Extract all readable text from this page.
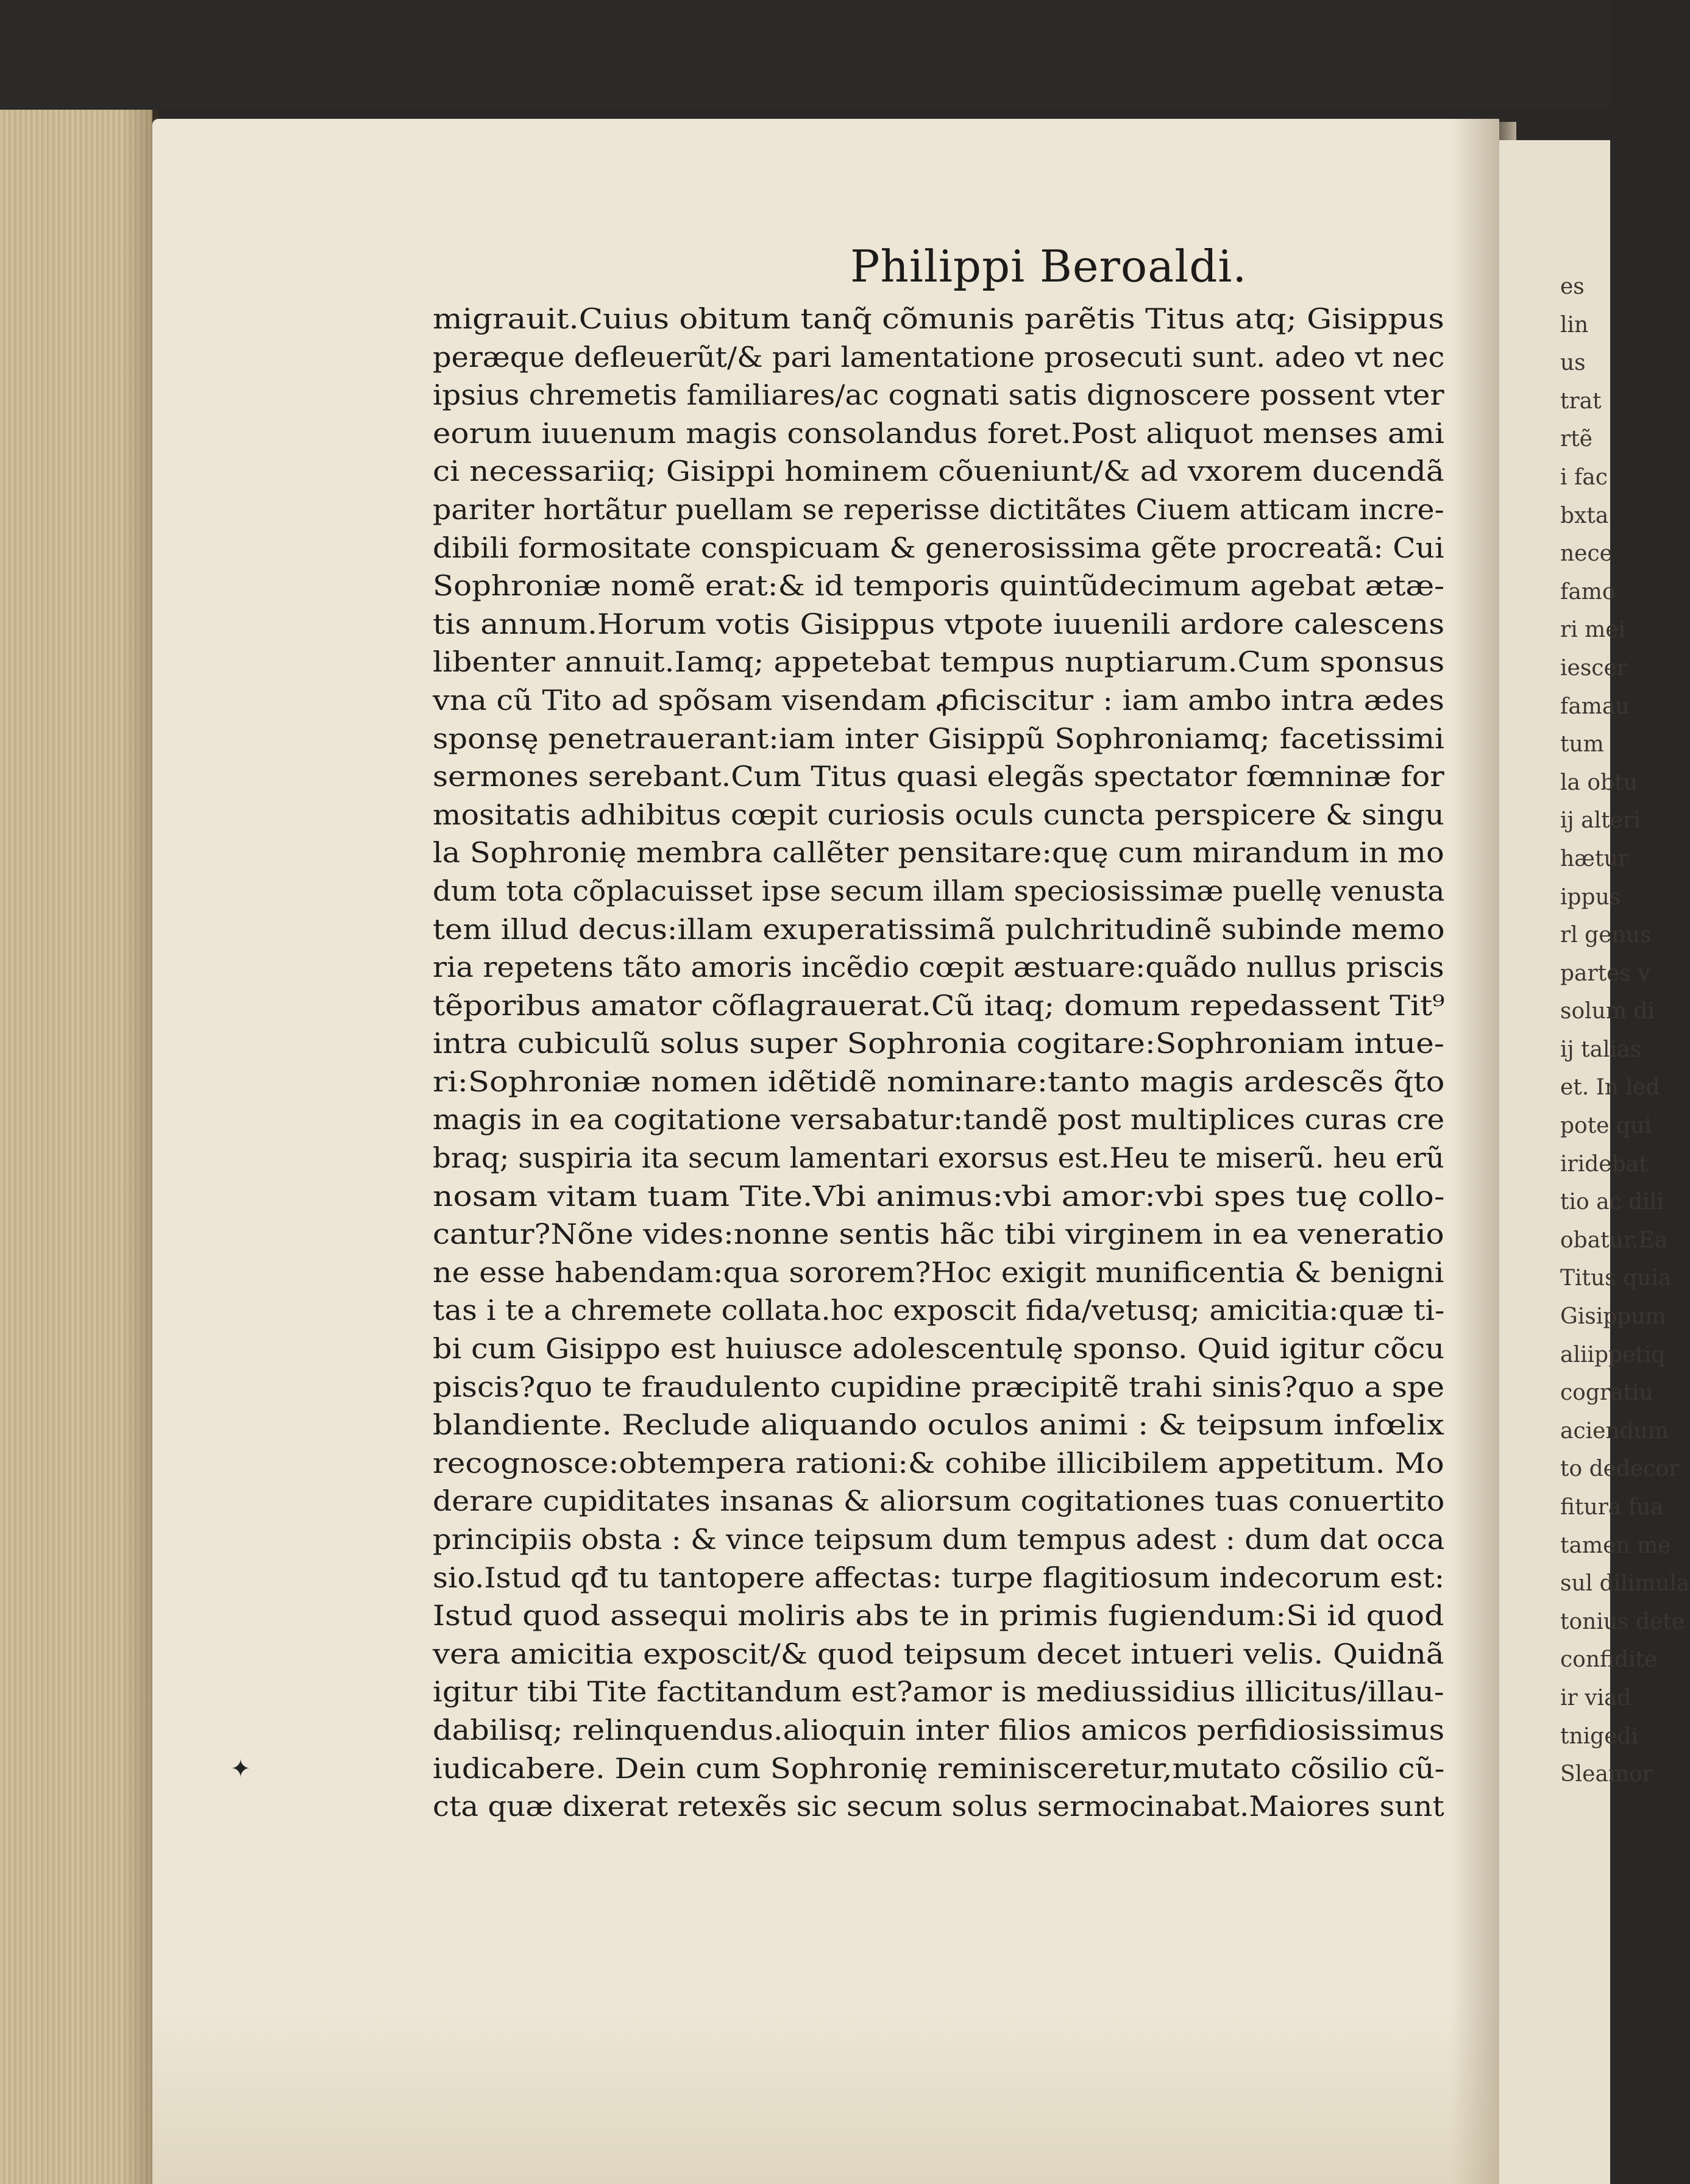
es
lin
us
trat
rtẽ
i fac
bxta
nece
famo
ri mei
iescer
famau
tum
la obtu
ij alteri
hætur
ippus
rl genus
partes v
solum di
ij talias
et. In led
pote qui
iridebat
tio ac dili
obatur.Ea
Titus quia
Gisippum
aliippetiq
cogratiu
aciendum
to dedecor
fitura fua
tamen me
sul dilimula
tonius dete
confidite
ir viad
tnigedi
Sleamor
Philippi Beroaldi.
migrauit.Cuius obitum tanq̃ cõmunis parẽtis Titus atq; Gisippus
peræque defleuerũt/& pari lamentatione prosecuti sunt. adeo vt nec
ipsius chremetis familiares/ac cognati satis dignoscere possent vter
eorum iuuenum magis consolandus foret.Post aliquot menses ami
ci necessariiq; Gisippi hominem cõueniunt/& ad vxorem ducendã
pariter hortãtur puellam se reperisse dictitãtes Ciuem atticam incre-
dibili formositate conspicuam & generosissima gẽte procreatã: Cui
Sophroniæ nomẽ erat:& id temporis quintũdecimum agebat ætæ-
tis annum.Horum votis Gisippus vtpote iuuenili ardore calescens
libenter annuit.Iamq; appetebat tempus nuptiarum.Cum sponsus
vna cũ Tito ad spõsam visendam ꝓficiscitur : iam ambo intra ædes
sponsę penetrauerant:iam inter Gisippũ Sophroniamq; facetissimi
sermones serebant.Cum Titus quasi elegãs spectator fœmninæ for
mositatis adhibitus cœpit curiosis oculs cuncta perspicere & singu
la Sophronię membra callẽter pensitare:quę cum mirandum in mo
dum tota cõplacuisset ipse secum illam speciosissimæ puellę venusta
tem illud decus:illam exuperatissimã pulchritudinẽ subinde memo
ria repetens tãto amoris incẽdio cœpit æstuare:quãdo nullus priscis
tẽporibus amator cõflagrauerat.Cũ itaq; domum repedassent Tit⁹
intra cubiculũ solus super Sophronia cogitare:Sophroniam intue-
ri:Sophroniæ nomen idẽtidẽ nominare:tanto magis ardescẽs q̃to
magis in ea cogitatione versabatur:tandẽ post multiplices curas cre
braq; suspiria ita secum lamentari exorsus est.Heu te miserũ. heu erũ
nosam vitam tuam Tite.Vbi animus:vbi amor:vbi spes tuę collo-
cantur?Nõne vides:nonne sentis hãc tibi virginem in ea veneratio
ne esse habendam:qua sororem?Hoc exigit munificentia & benigni
tas i te a chremete collata.hoc exposcit fida/vetusq; amicitia:quæ ti-
bi cum Gisippo est huiusce adolescentulę sponso. Quid igitur cõcu
piscis?quo te fraudulento cupidine præcipitẽ trahi sinis?quo a spe
blandiente. Reclude aliquando oculos animi : & teipsum infœlix
recognosce:obtempera rationi:& cohibe illicibilem appetitum. Mo
derare cupiditates insanas & aliorsum cogitationes tuas conuertito
principiis obsta : & vince teipsum dum tempus adest : dum dat occa
sio.Istud qđ tu tantopere affectas: turpe flagitiosum indecorum est:
Istud quod assequi moliris abs te in primis fugiendum:Si id quod
vera amicitia exposcit/& quod teipsum decet intueri velis. Quidnã
igitur tibi Tite factitandum est?amor is mediussidius illicitus/illau-
dabilisq; relinquendus.alioquin inter filios amicos perfidiosissimus
iudicabere. Dein cum Sophronię reminisceretur,mutato cõsilio cũ-
cta quæ dixerat retexẽs sic secum solus sermocinabat.Maiores sunt
✦
